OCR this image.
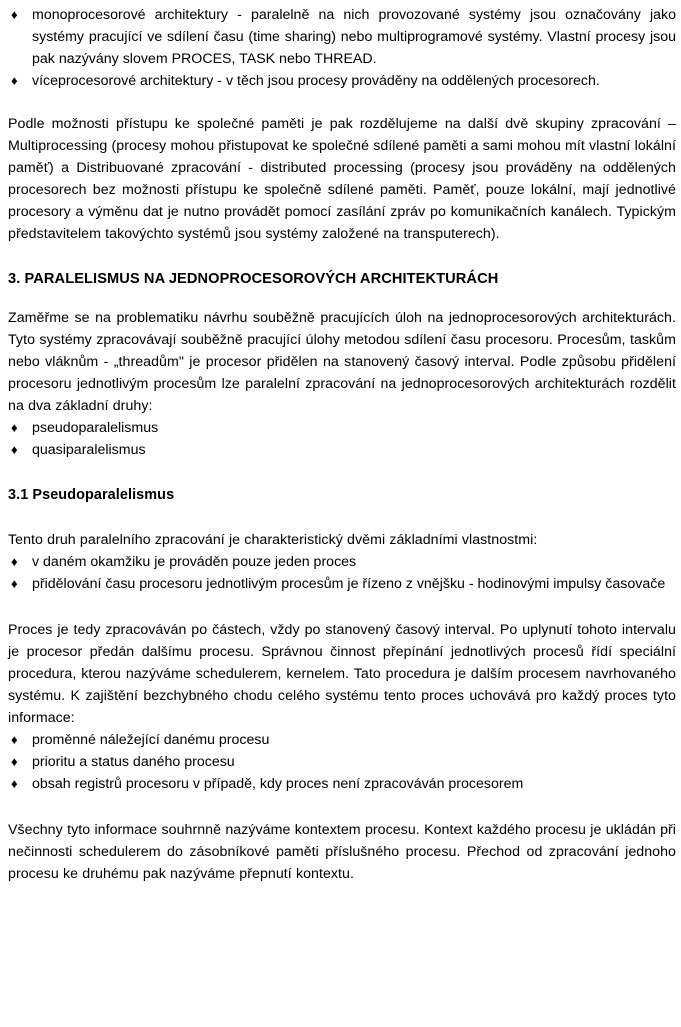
♦	monoprocesorové architektury - paralelně na nich provozované systémy jsou označovány jako systémy pracující ve sdílení času (time sharing) nebo multiprogramové systémy. Vlastní procesy jsou pak nazývány slovem PROCES, TASK nebo THREAD.
♦	víceprocesorové architektury - v těch jsou procesy prováděny na oddělených procesorech.

Podle možnosti přístupu ke společné paměti je pak rozdělujeme na další dvě skupiny zpracování – Multiprocessing (procesy mohou přistupovat ke společné sdílené paměti a sami mohou mít vlastní lokální paměť) a Distribuované zpracování - distributed processing (procesy jsou prováděny na oddělených procesorech bez možnosti přístupu ke společně sdílené paměti. Paměť, pouze lokální, mají jednotlivé procesory a výměnu dat je nutno provádět pomocí zasílání zpráv po komunikačních kanálech. Typickým představitelem takovýchto systémů jsou systémy založené na transputerech).

3. PARALELISMUS NA JEDNOPROCESOROVÝCH ARCHITEKTURÁCH

Zaměřme se na problematiku návrhu souběžně pracujících úloh na jednoprocesorových architekturách. Tyto systémy zpracovávají souběžně pracující úlohy metodou sdílení času procesoru. Procesům, taskům nebo vláknům - „threadům" je procesor přidělen na stanovený časový interval. Podle způsobu přidělení procesoru jednotlivým procesům lze paralelní zpracování na jednoprocesorových architekturách rozdělit na dva základní druhy:

♦	pseudoparalelismus
♦	quasiparalelismus
3.1 Pseudoparalelismus

Tento druh paralelního zpracování je charakteristický dvěmi základními vlastnostmi:

♦	v daném okamžiku je prováděn pouze jeden proces
♦	přidělování času procesoru jednotlivým procesům je řízeno z vnějšku - hodinovými impulsy časovače

Proces je tedy zpracováván po částech, vždy po stanovený časový interval. Po uplynutí tohoto intervalu je procesor předán dalšímu procesu. Správnou činnost přepínání jednotlivých procesů řídí speciální procedura, kterou nazýváme schedulerem, kernelem. Tato procedura je dalším procesem navrhovaného systému. K zajištění bezchybného chodu celého systému tento proces uchovává pro každý proces tyto informace:

♦	proměnné náležející danému procesu
♦	prioritu a status daného procesu
♦	obsah registrů procesoru v případě, kdy proces není zpracováván procesorem

Všechny tyto informace souhrnně nazýváme kontextem procesu. Kontext každého procesu je ukládán při nečinnosti schedulerem do zásobníkové paměti příslušného procesu. Přechod od zpracování jednoho procesu ke druhému pak nazýváme přepnutí kontextu.
